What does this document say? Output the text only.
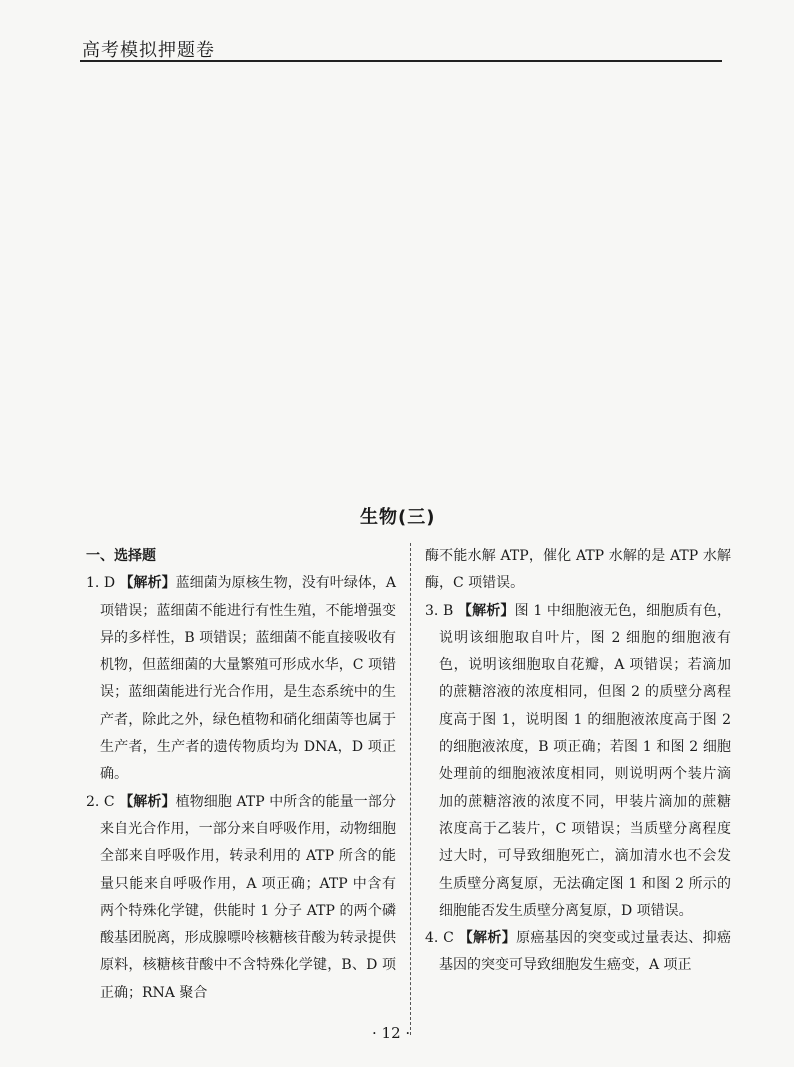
高考模拟押题卷
生物(三)
一、选择题
1. D 【解析】蓝细菌为原核生物，没有叶绿体，A 项错误；蓝细菌不能进行有性生殖，不能增强变异的多样性，B 项错误；蓝细菌不能直接吸收有机物，但蓝细菌的大量繁殖可形成水华，C 项错误；蓝细菌能进行光合作用，是生态系统中的生产者，除此之外，绿色植物和硝化细菌等也属于生产者，生产者的遗传物质均为 DNA，D 项正确。
2. C 【解析】植物细胞 ATP 中所含的能量一部分来自光合作用，一部分来自呼吸作用，动物细胞全部来自呼吸作用，转录利用的 ATP 所含的能量只能来自呼吸作用，A 项正确；ATP 中含有两个特殊化学键，供能时 1 分子 ATP 的两个磷酸基团脱离，形成腺嘌呤核糖核苷酸为转录提供原料，核糖核苷酸中不含特殊化学键，B、D 项正确；RNA 聚合
酶不能水解 ATP，催化 ATP 水解的是 ATP 水解酶，C 项错误。
3. B 【解析】图 1 中细胞液无色，细胞质有色，说明该细胞取自叶片，图 2 细胞的细胞液有色，说明该细胞取自花瓣，A 项错误；若滴加的蔗糖溶液的浓度相同，但图 2 的质壁分离程度高于图 1，说明图 1 的细胞液浓度高于图 2 的细胞液浓度，B 项正确；若图 1 和图 2 细胞处理前的细胞液浓度相同，则说明两个装片滴加的蔗糖溶液的浓度不同，甲装片滴加的蔗糖浓度高于乙装片，C 项错误；当质壁分离程度过大时，可导致细胞死亡，滴加清水也不会发生质壁分离复原，无法确定图 1 和图 2 所示的细胞能否发生质壁分离复原，D 项错误。
4. C 【解析】原癌基因的突变或过量表达、抑癌基因的突变可导致细胞发生癌变，A 项正
· 12 ·
